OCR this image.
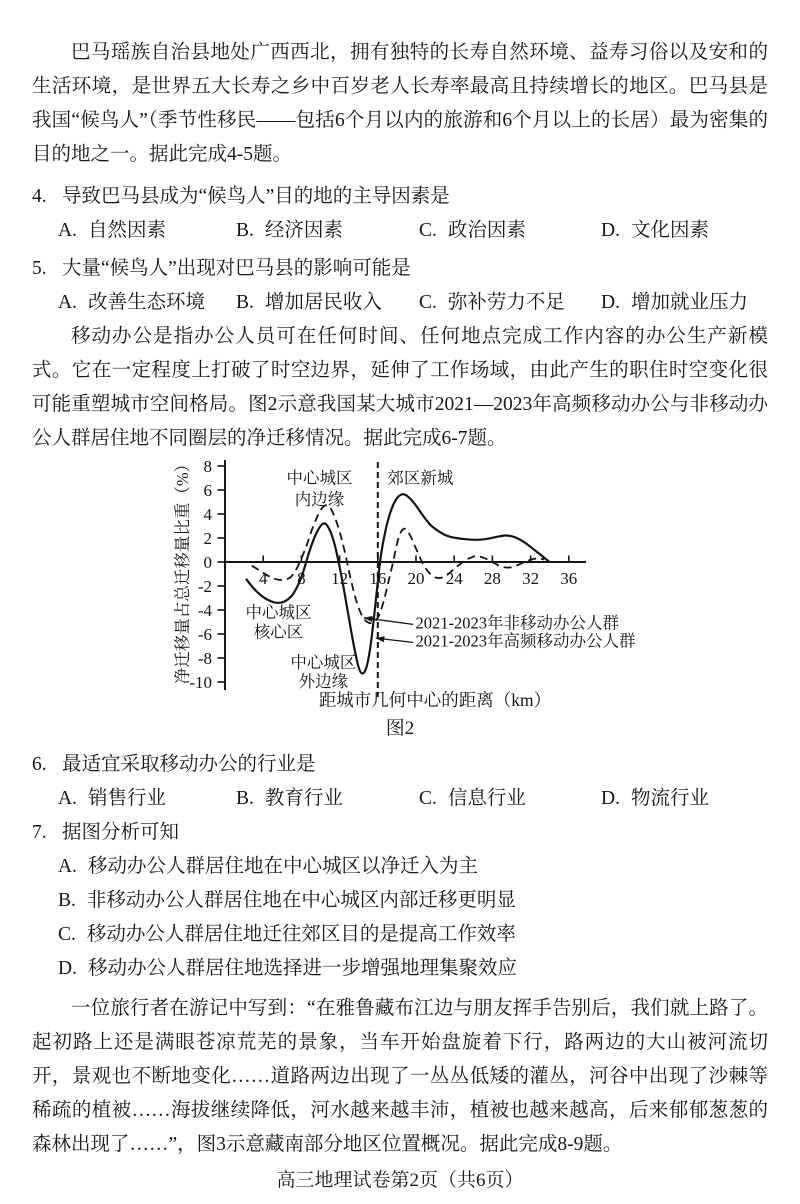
巴马瑶族自治县地处广西西北，拥有独特的长寿自然环境、益寿习俗以及安和的生活环境，是世界五大长寿之乡中百岁老人长寿率最高且持续增长的地区。巴马县是我国“候鸟人”（季节性移民——包括6个月以内的旅游和6个月以上的长居）最为密集的目的地之一。据此完成4-5题。

4. 导致巴马县成为“候鸟人”目的地的主导因素是
A. 自然因素	B. 经济因素	C. 政治因素	D. 文化因素
5. 大量“候鸟人”出现对巴马县的影响可能是
A. 改善生态环境	B. 增加居民收入	C. 弥补劳力不足	D. 增加就业压力

移动办公是指办公人员可在任何时间、任何地点完成工作内容的办公生产新模式。它在一定程度上打破了时空边界，延伸了工作场域，由此产生的职住时空变化很可能重塑城市空间格局。图2示意我国某大城市2021—2023年高频移动办公与非移动办公人群居住地不同圈层的净迁移情况。据此完成6-7题。

8
6
4
2
0
-2
-4
-6
-8
-10
4 8 12 16 20 24 28 32 36
中心城区
内边缘
郊区新城
中心城区
核心区
中心城区
外边缘
2021-2023年非移动办公人群
2021-2023年高频移动办公人群
距城市几何中心的距离（km）
净迁移量占总迁移量比重（%）
图2
6. 最适宜采取移动办公的行业是
A. 销售行业	B. 教育行业	C. 信息行业	D. 物流行业
7. 据图分析可知
A. 移动办公人群居住地在中心城区以净迁入为主
B. 非移动办公人群居住地在中心城区内部迁移更明显
C. 移动办公人群居住地迁往郊区目的是提高工作效率
D. 移动办公人群居住地选择进一步增强地理集聚效应

一位旅行者在游记中写到：“在雅鲁藏布江边与朋友挥手告别后，我们就上路了。起初路上还是满眼苍凉荒芜的景象，当车开始盘旋着下行，路两边的大山被河流切开，景观也不断地变化……道路两边出现了一丛丛低矮的灌丛，河谷中出现了沙棘等稀疏的植被……海拔继续降低，河水越来越丰沛，植被也越来越高，后来郁郁葱葱的森林出现了……”，图3示意藏南部分地区位置概况。据此完成8-9题。

高三地理试卷第2页（共6页）
